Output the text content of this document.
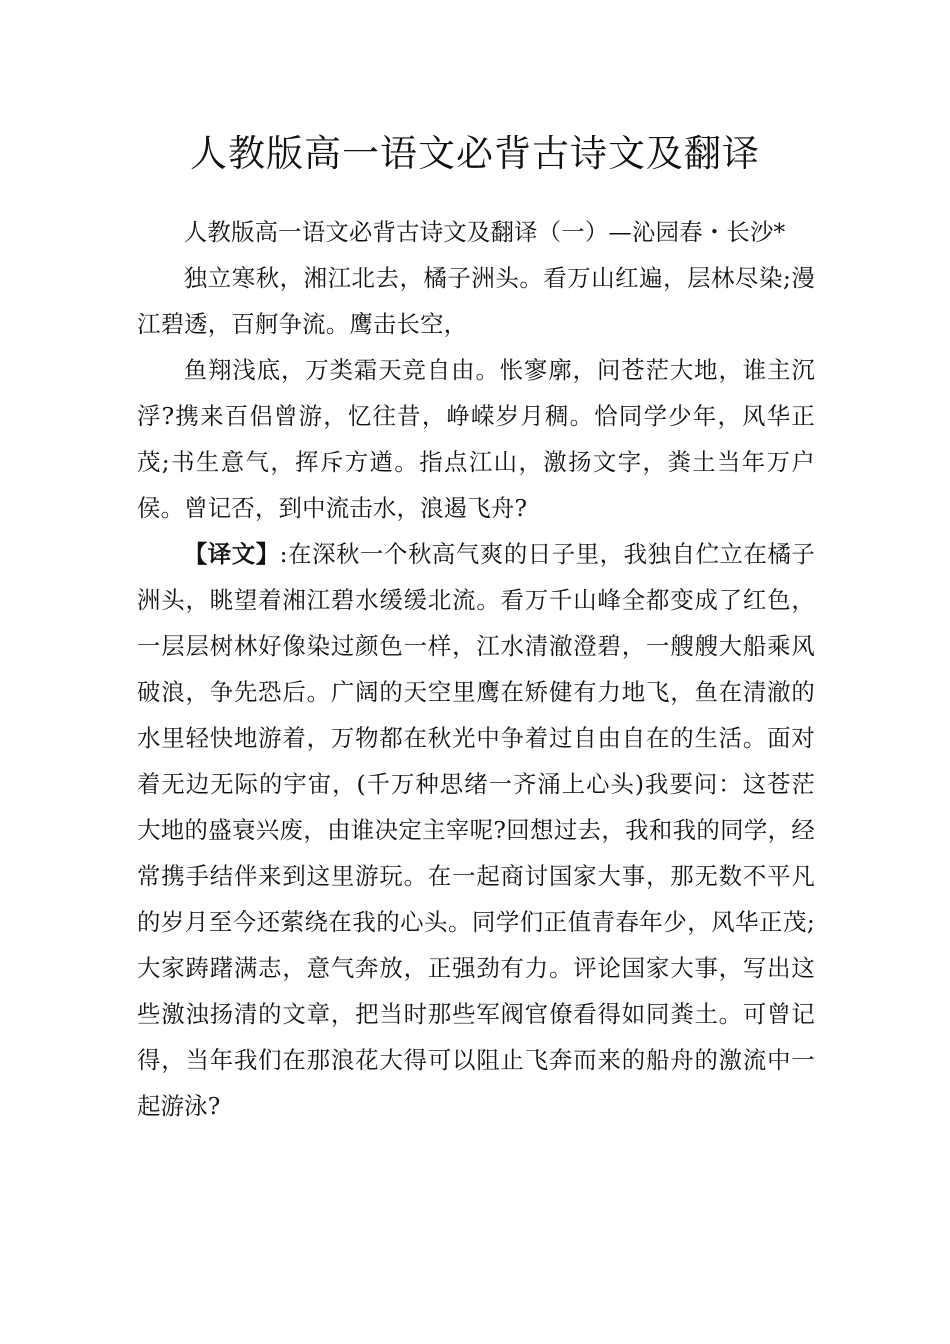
人教版高一语文必背古诗文及翻译

人教版高一语文必背古诗文及翻译（一）—沁园春・长沙*

独立寒秋，湘江北去，橘子洲头。看万山红遍，层林尽染;漫江碧透，百舸争流。鹰击长空，

鱼翔浅底，万类霜天竞自由。怅寥廓，问苍茫大地，谁主沉浮?携来百侣曾游，忆往昔，峥嵘岁月稠。恰同学少年，风华正茂;书生意气，挥斥方遒。指点江山，激扬文字，粪土当年万户侯。曾记否，到中流击水，浪遏飞舟?

【译文】:在深秋一个秋高气爽的日子里，我独自伫立在橘子洲头，眺望着湘江碧水缓缓北流。看万千山峰全都变成了红色，一层层树林好像染过颜色一样，江水清澈澄碧，一艘艘大船乘风破浪，争先恐后。广阔的天空里鹰在矫健有力地飞，鱼在清澈的水里轻快地游着，万物都在秋光中争着过自由自在的生活。面对着无边无际的宇宙，(千万种思绪一齐涌上心头)我要问：这苍茫大地的盛衰兴废，由谁决定主宰呢?回想过去，我和我的同学，经常携手结伴来到这里游玩。在一起商讨国家大事，那无数不平凡的岁月至今还萦绕在我的心头。同学们正值青春年少，风华正茂;大家踌躇满志，意气奔放，正强劲有力。评论国家大事，写出这些激浊扬清的文章，把当时那些军阀官僚看得如同粪土。可曾记得，当年我们在那浪花大得可以阻止飞奔而来的船舟的激流中一起游泳?
